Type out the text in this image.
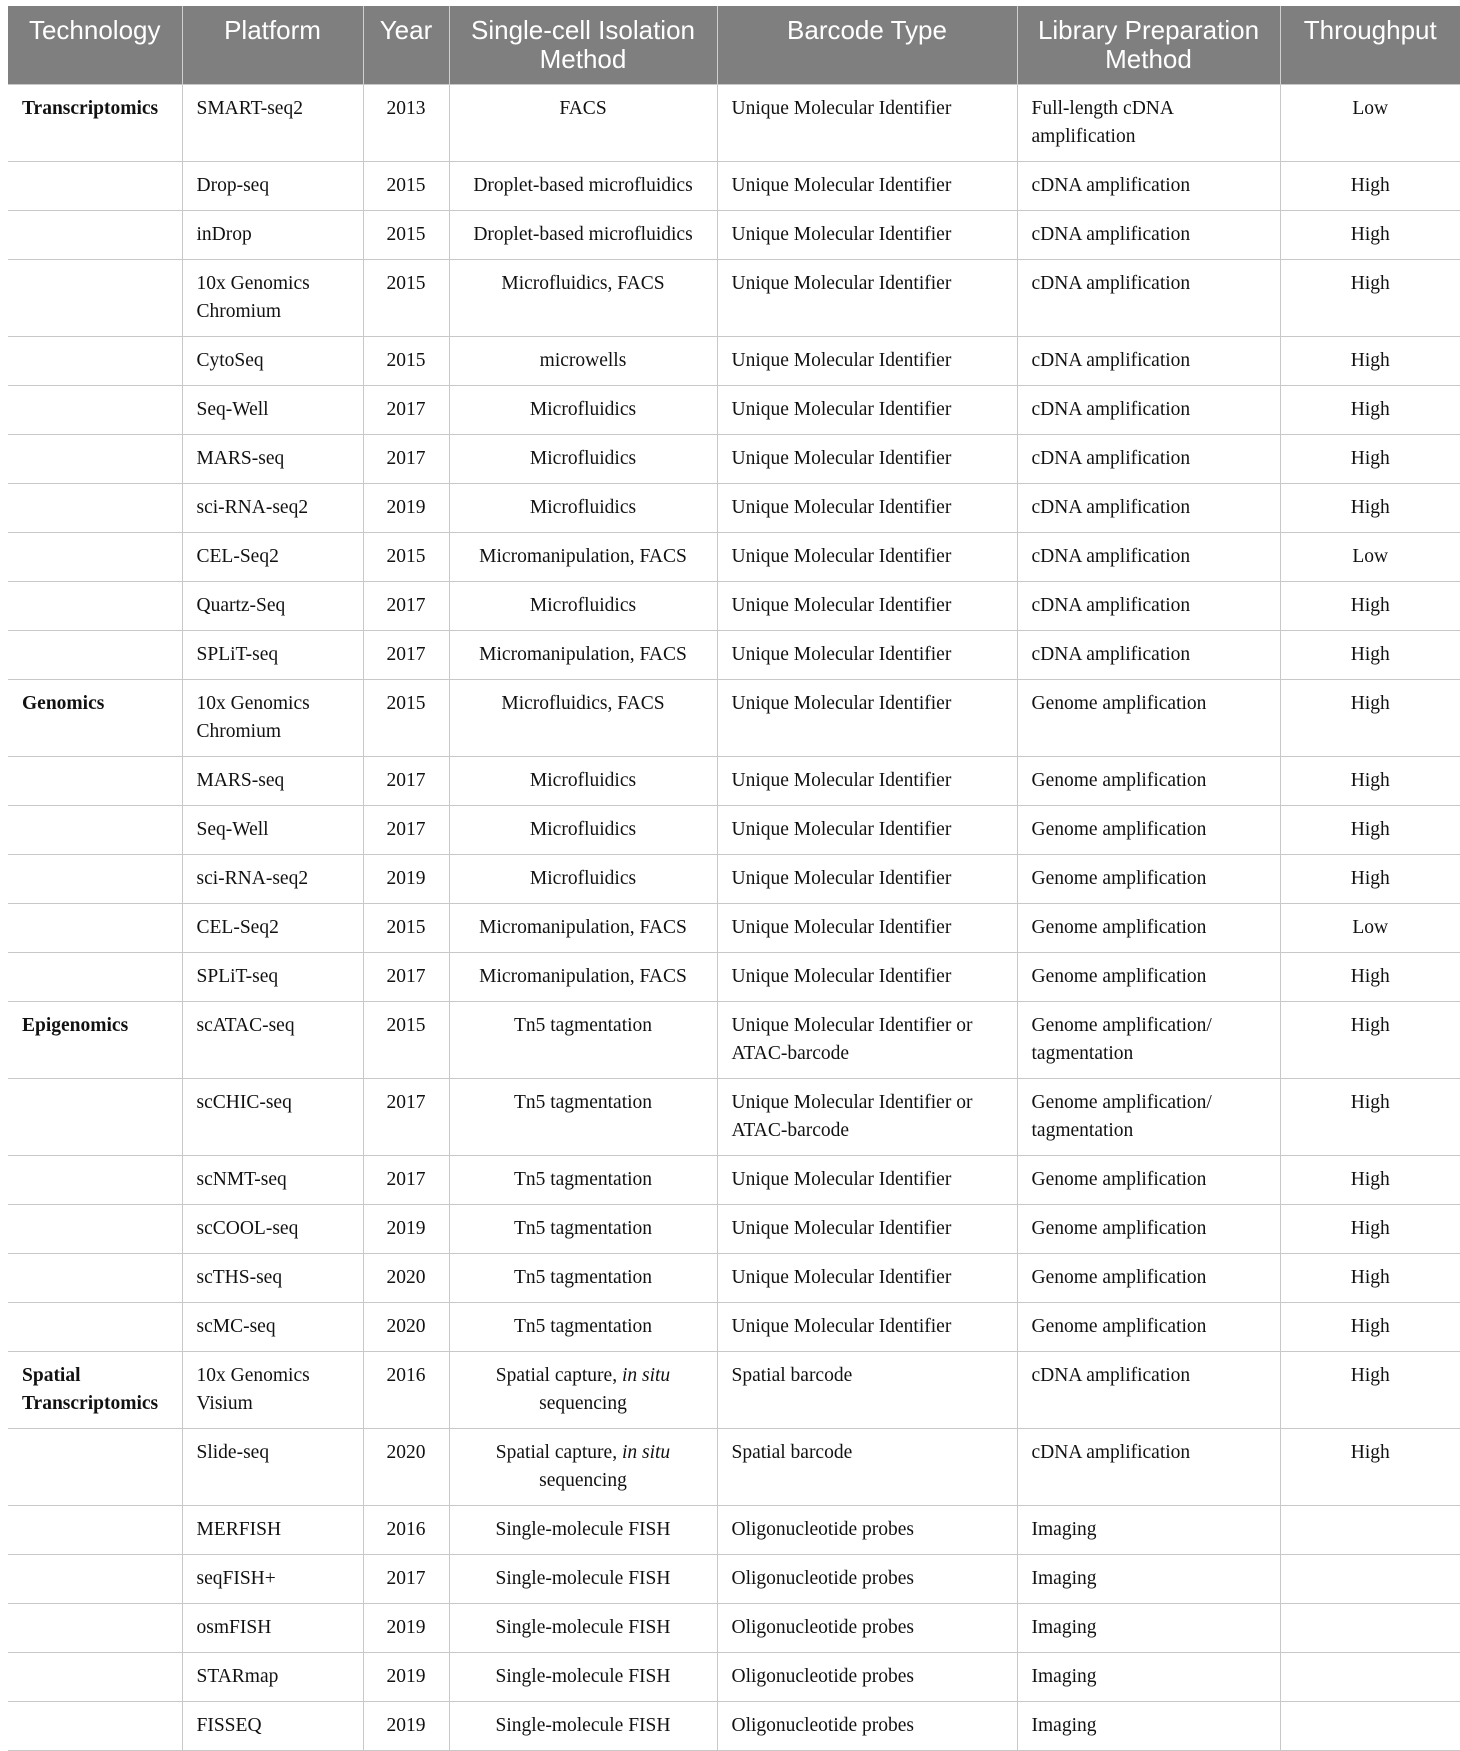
Technology	Platform	Year	Single-cell Isolation Method	Barcode Type	Library Preparation Method	Throughput
Transcriptomics	SMART-seq2	2013	FACS	Unique Molecular Identifier	Full-length cDNA amplification	Low
	Drop-seq	2015	Droplet-based microfluidics	Unique Molecular Identifier	cDNA amplification	High
	inDrop	2015	Droplet-based microfluidics	Unique Molecular Identifier	cDNA amplification	High
	10x Genomics Chromium	2015	Microfluidics, FACS	Unique Molecular Identifier	cDNA amplification	High
	CytoSeq	2015	microwells	Unique Molecular Identifier	cDNA amplification	High
	Seq-Well	2017	Microfluidics	Unique Molecular Identifier	cDNA amplification	High
	MARS-seq	2017	Microfluidics	Unique Molecular Identifier	cDNA amplification	High
	sci-RNA-seq2	2019	Microfluidics	Unique Molecular Identifier	cDNA amplification	High
	CEL-Seq2	2015	Micromanipulation, FACS	Unique Molecular Identifier	cDNA amplification	Low
	Quartz-Seq	2017	Microfluidics	Unique Molecular Identifier	cDNA amplification	High
	SPLiT-seq	2017	Micromanipulation, FACS	Unique Molecular Identifier	cDNA amplification	High
Genomics	10x Genomics Chromium	2015	Microfluidics, FACS	Unique Molecular Identifier	Genome amplification	High
	MARS-seq	2017	Microfluidics	Unique Molecular Identifier	Genome amplification	High
	Seq-Well	2017	Microfluidics	Unique Molecular Identifier	Genome amplification	High
	sci-RNA-seq2	2019	Microfluidics	Unique Molecular Identifier	Genome amplification	High
	CEL-Seq2	2015	Micromanipulation, FACS	Unique Molecular Identifier	Genome amplification	Low
	SPLiT-seq	2017	Micromanipulation, FACS	Unique Molecular Identifier	Genome amplification	High
Epigenomics	scATAC-seq	2015	Tn5 tagmentation	Unique Molecular Identifier or ATAC-barcode	Genome amplification/ tagmentation	High
	scCHIC-seq	2017	Tn5 tagmentation	Unique Molecular Identifier or ATAC-barcode	Genome amplification/ tagmentation	High
	scNMT-seq	2017	Tn5 tagmentation	Unique Molecular Identifier	Genome amplification	High
	scCOOL-seq	2019	Tn5 tagmentation	Unique Molecular Identifier	Genome amplification	High
	scTHS-seq	2020	Tn5 tagmentation	Unique Molecular Identifier	Genome amplification	High
	scMC-seq	2020	Tn5 tagmentation	Unique Molecular Identifier	Genome amplification	High
Spatial Transcriptomics	10x Genomics Visium	2016	Spatial capture, in situ sequencing	Spatial barcode	cDNA amplification	High
	Slide-seq	2020	Spatial capture, in situ sequencing	Spatial barcode	cDNA amplification	High
	MERFISH	2016	Single-molecule FISH	Oligonucleotide probes	Imaging	
	seqFISH+	2017	Single-molecule FISH	Oligonucleotide probes	Imaging	
	osmFISH	2019	Single-molecule FISH	Oligonucleotide probes	Imaging	
	STARmap	2019	Single-molecule FISH	Oligonucleotide probes	Imaging	
	FISSEQ	2019	Single-molecule FISH	Oligonucleotide probes	Imaging	
